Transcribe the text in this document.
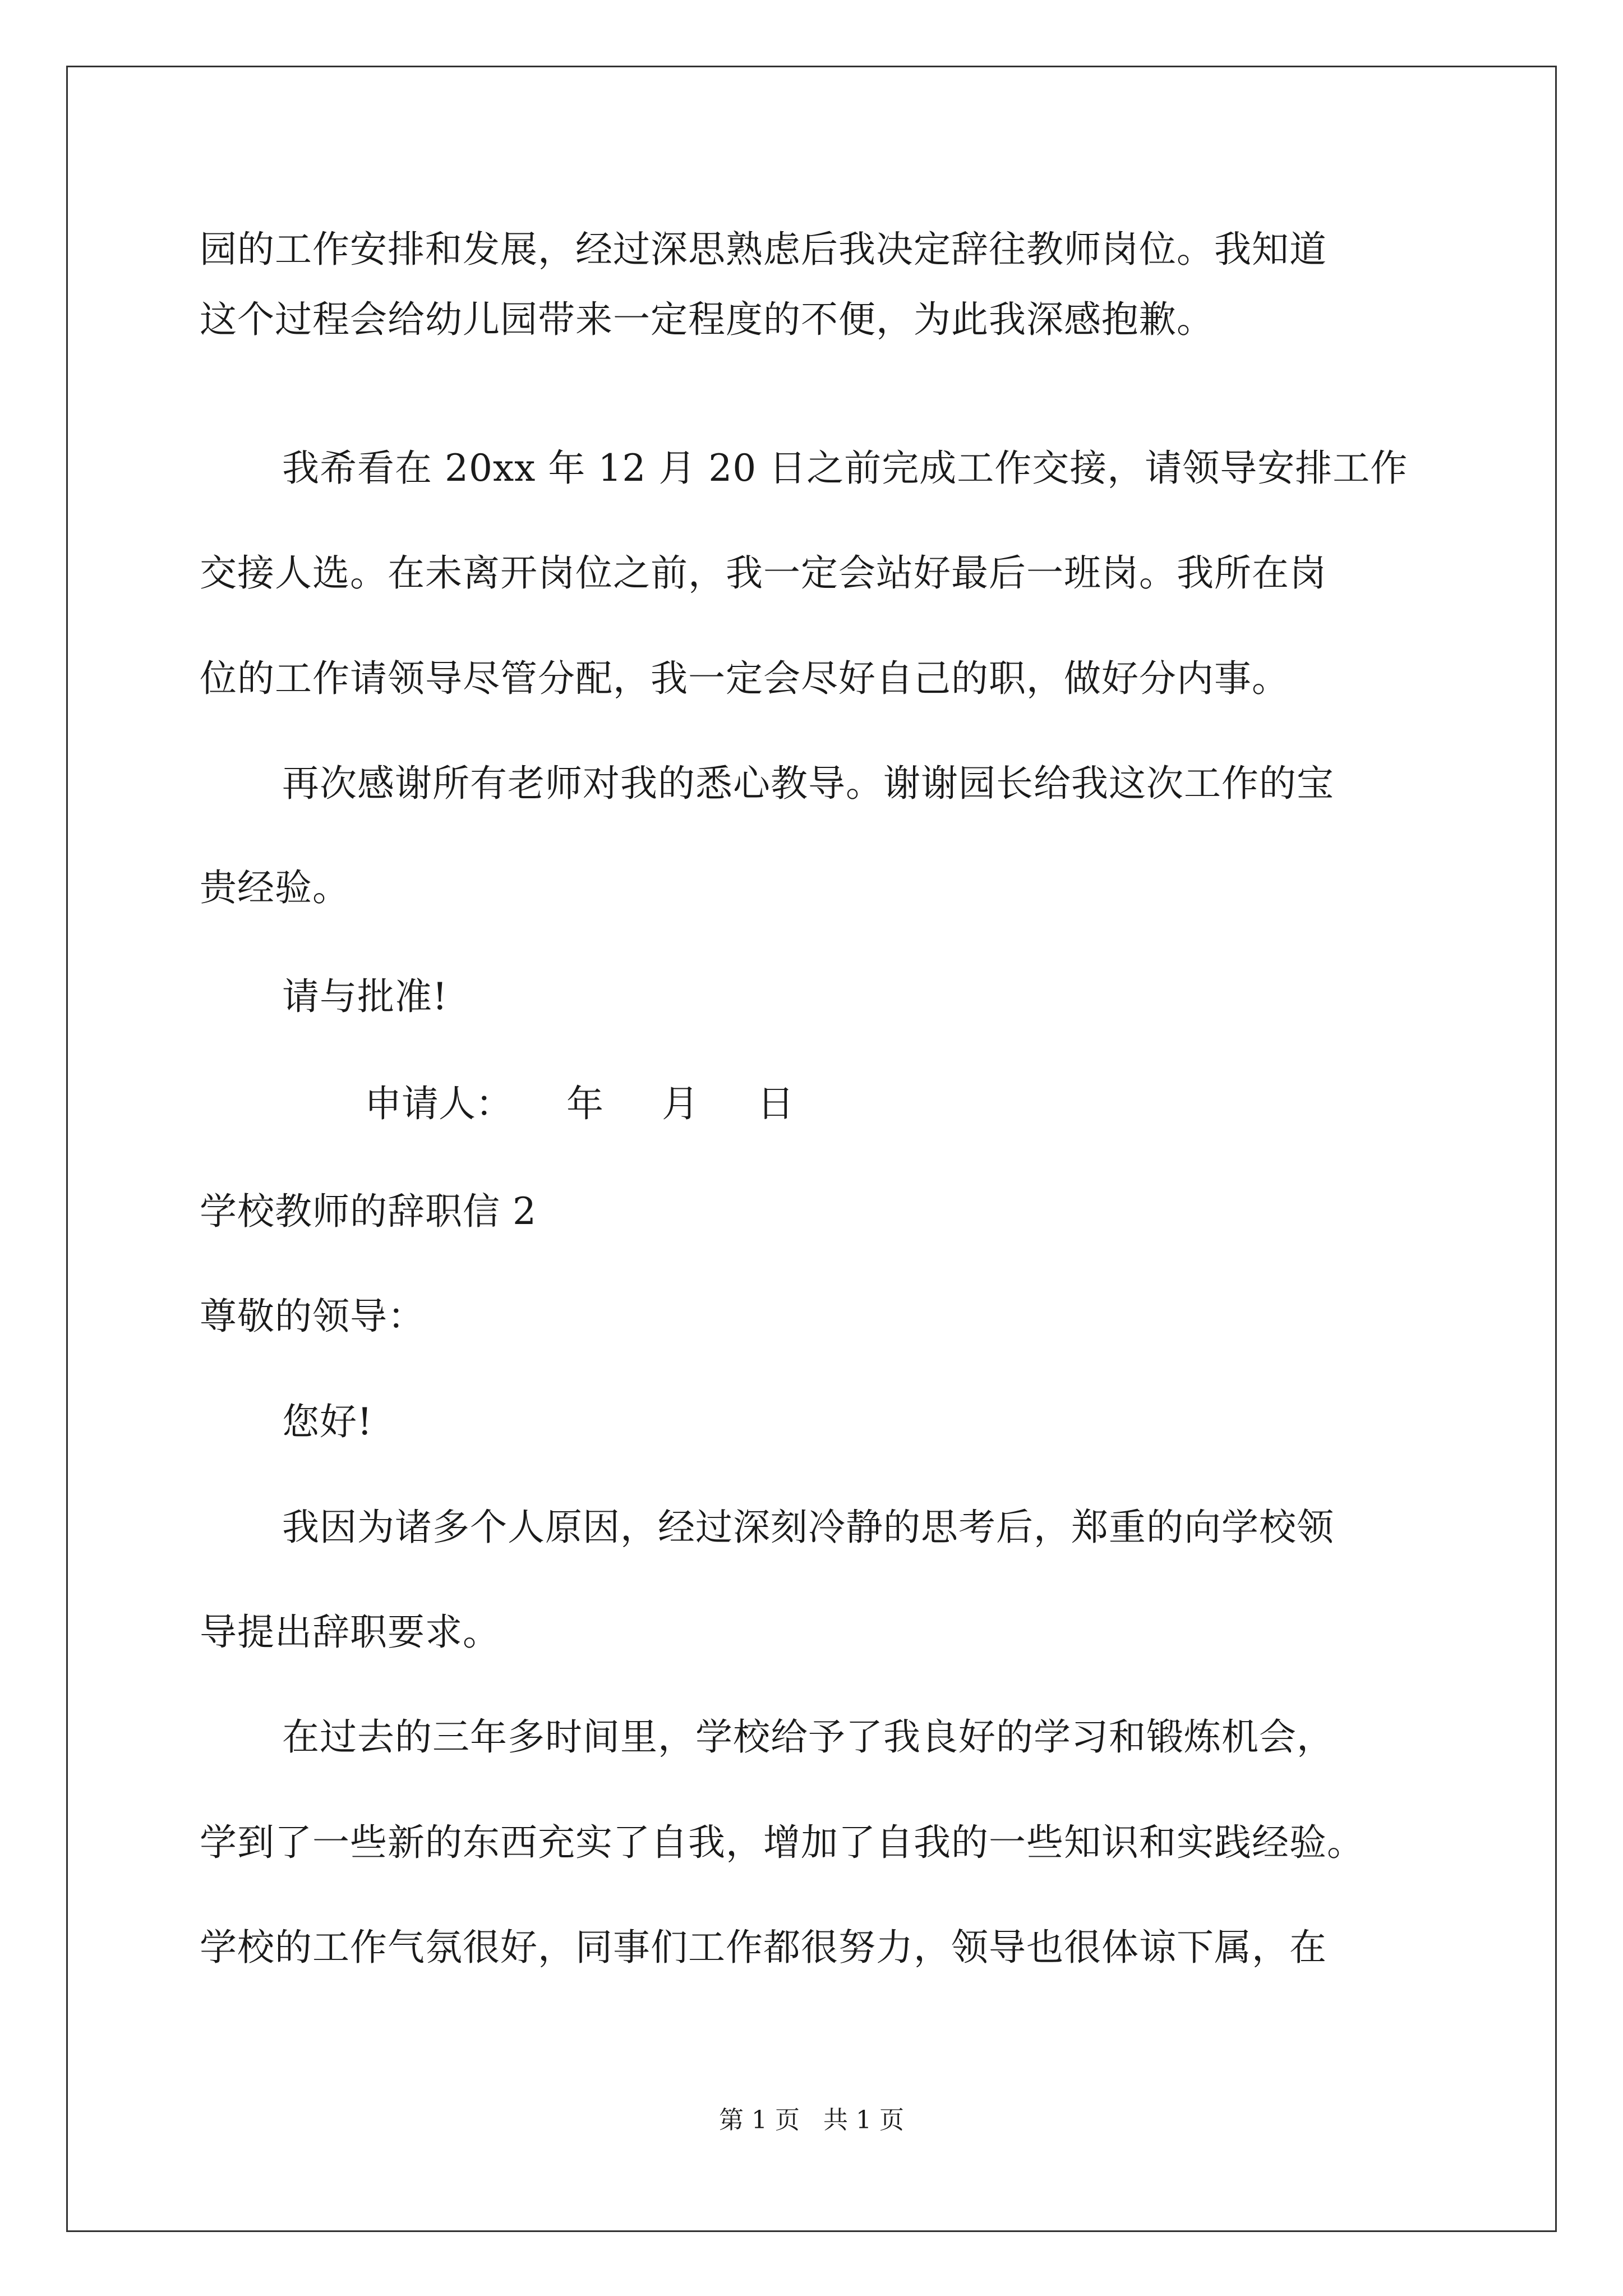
园的工作安排和发展，经过深思熟虑后我决定辞往教师岗位。我知道
这个过程会给幼儿园带来一定程度的不便，为此我深感抱歉。
我希看在 20xx 年 12 月 20 日之前完成工作交接，请领导安排工作
交接人选。在未离开岗位之前，我一定会站好最后一班岗。我所在岗
位的工作请领导尽管分配，我一定会尽好自己的职，做好分内事。
再次感谢所有老师对我的悉心教导。谢谢园长给我这次工作的宝
贵经验。
请与批准!
申请人： 年 月 日
学校教师的辞职信 2
尊敬的领导：
您好!
我因为诸多个人原因，经过深刻冷静的思考后，郑重的向学校领
导提出辞职要求。
在过去的三年多时间里，学校给予了我良好的学习和锻炼机会，
学到了一些新的东西充实了自我，增加了自我的一些知识和实践经验。
学校的工作气氛很好，同事们工作都很努力，领导也很体谅下属，在
第 1 页   共 1 页
